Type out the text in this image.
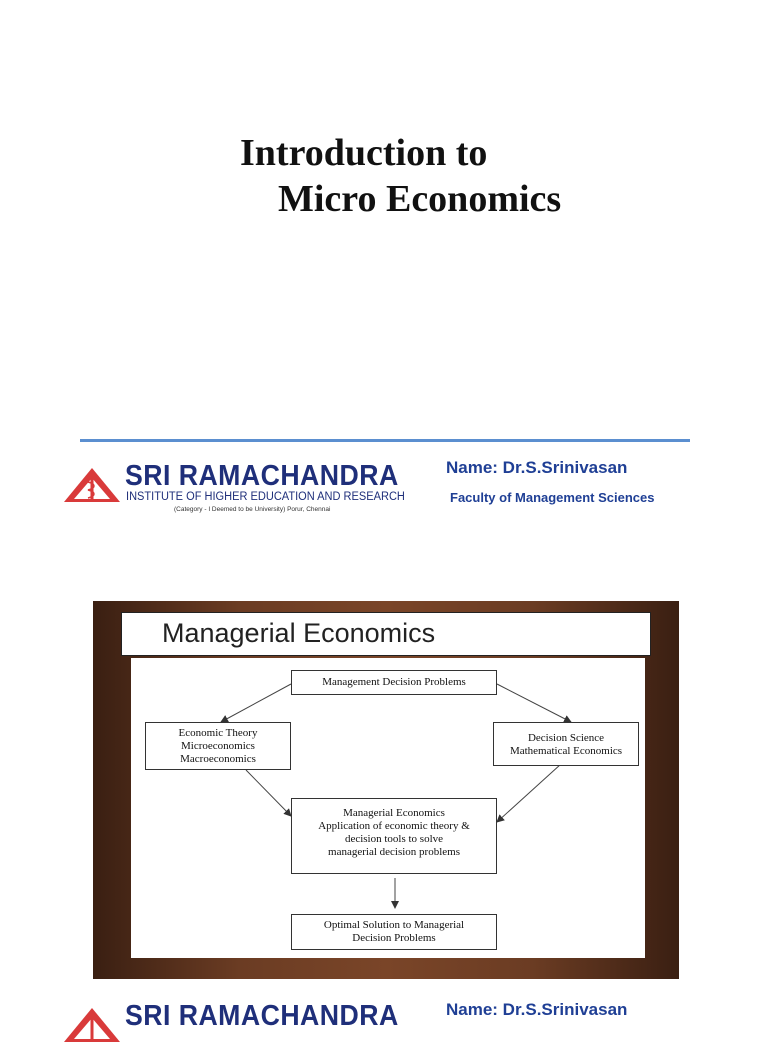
Introduction to
Micro Economics
SRI RAMACHANDRA
INSTITUTE OF HIGHER EDUCATION AND RESEARCH
(Category - I Deemed to be University) Porur, Chennai
Name: Dr.S.Srinivasan
Faculty of Management Sciences
Managerial Economics
Management Decision Problems
Economic Theory
Microeconomics
Macroeconomics
Decision Science
Mathematical Economics
Managerial Economics
Application of economic theory &
decision tools to solve
managerial decision problems
Optimal Solution to Managerial
Decision Problems
SRI RAMACHANDRA	Name: Dr.S.Srinivasan
